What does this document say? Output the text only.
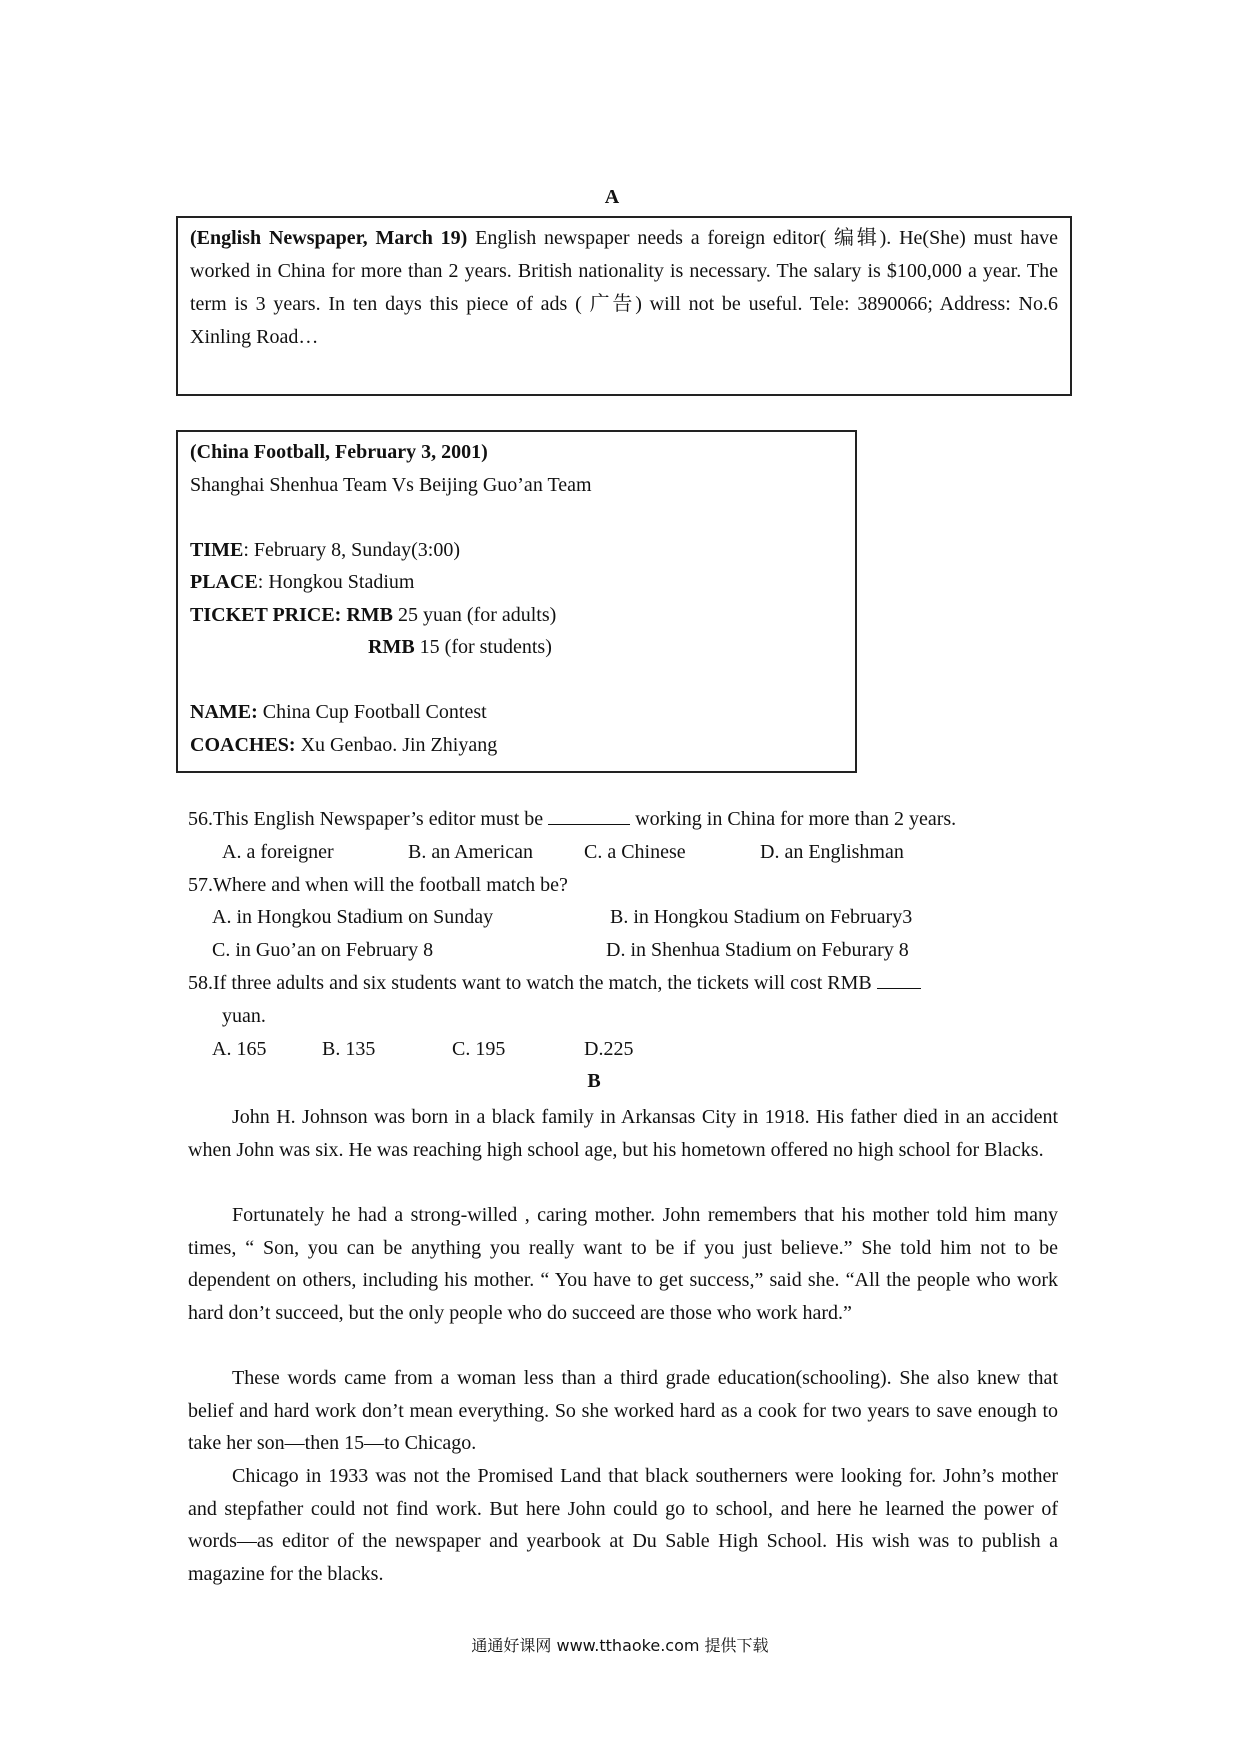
A
(English Newspaper, March 19) English newspaper needs a foreign editor( 编辑). He(She) must have worked in China for more than 2 years. British nationality is necessary. The salary is $100,000 a year. The term is 3 years. In ten days this piece of ads ( 广告) will not be useful. Tele: 3890066; Address: No.6 Xinling Road…
(China Football, February 3, 2001)
Shanghai Shenhua Team Vs Beijing Guo’an Team

TIME: February 8, Sunday(3:00)
PLACE: Hongkou Stadium
TICKET PRICE: RMB 25 yuan (for adults)
RMB 15 (for students)

NAME: China Cup Football Contest
COACHES: Xu Genbao. Jin Zhiyang
56.This English Newspaper’s editor must be	working in China for more than 2 years.
A. a foreigner	B. an American	C. a Chinese	D. an Englishman
57.Where and when will the football match be?
A. in Hongkou Stadium on Sunday	B. in Hongkou Stadium on February3
C. in Guo’an on February 8	D. in Shenhua Stadium on Feburary 8
58.If three adults and six students want to watch the match, the tickets will cost RMB
yuan.
A. 165	B. 135	C. 195	D.225
B

John H. Johnson was born in a black family in Arkansas City in 1918. His father died in an accident when John was six. He was reaching high school age, but his hometown offered no high school for Blacks.

Fortunately he had a strong-willed , caring mother. John remembers that his mother told him many times, “ Son, you can be anything you really want to be if you just believe.” She told him not to be dependent on others, including his mother. “ You have to get success,” said she. “All the people who work hard don’t succeed, but the only people who do succeed are those who work hard.”

These words came from a woman less than a third grade education(schooling). She also knew that belief and hard work don’t mean everything. So she worked hard as a cook for two years to save enough to take her son—then 15—to Chicago.

Chicago in 1933 was not the Promised Land that black southerners were looking for. John’s mother and stepfather could not find work. But here John could go to school, and here he learned the power of words—as editor of the newspaper and yearbook at Du Sable High School. His wish was to publish a magazine for the blacks.

通通好课网 www.tthaoke.com 提供下载
